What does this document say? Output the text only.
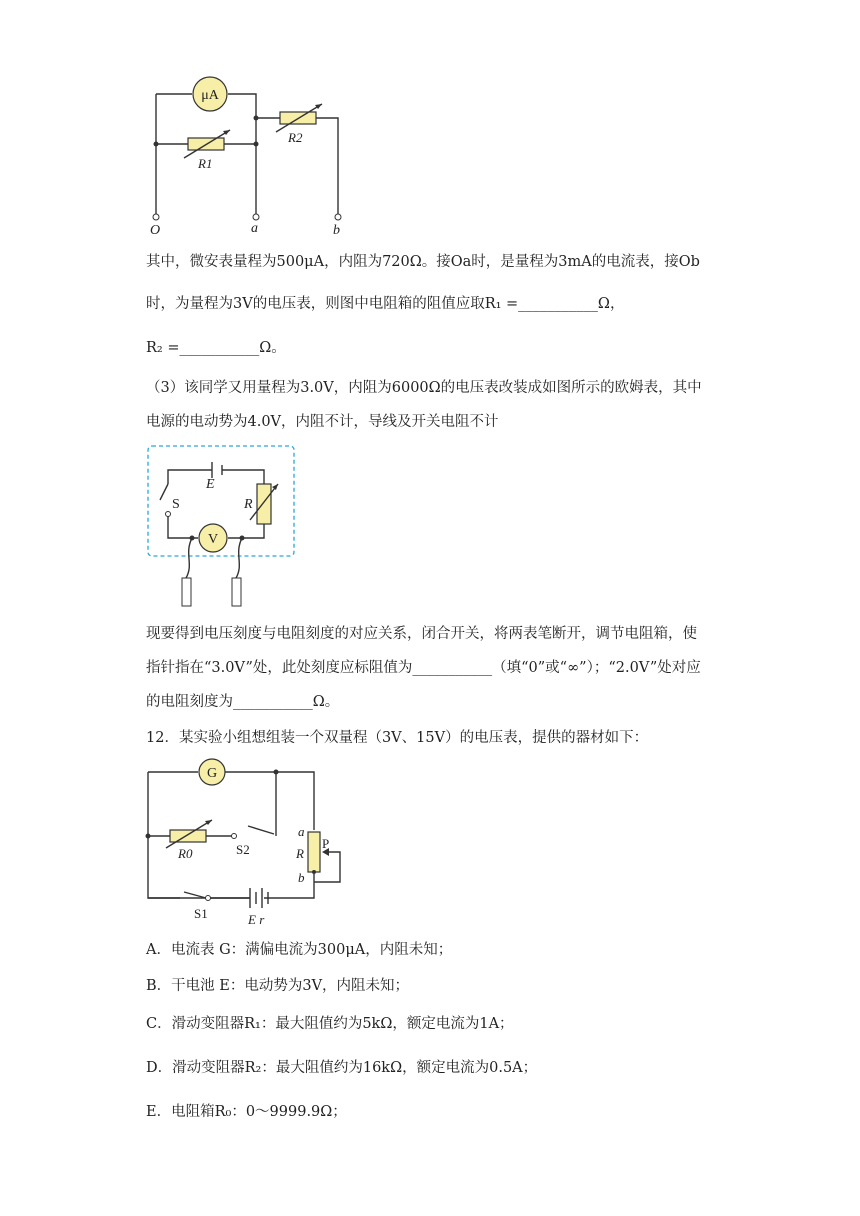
μA
R1
R2
O	a	b
其中，微安表量程为500μA，内阻为720Ω。接Oa时，是量程为3mA的电流表，接Ob
时，为量程为3V的电压表，则图中电阻箱的阻值应取R₁ =___________Ω，
R₂ =___________Ω。
（3）该同学又用量程为3.0V，内阻为6000Ω的电压表改装成如图所示的欧姆表，其中
电源的电动势为4.0V，内阻不计，导线及开关电阻不计
E
S	R
V
现要得到电压刻度与电阻刻度的对应关系，闭合开关，将两表笔断开，调节电阻箱，使
指针指在“3.0V”处，此处刻度应标阻值为___________（填“0”或“∞”）；“2.0V”处对应
的电阻刻度为___________Ω。
12．某实验小组想组装一个双量程（3V、15V）的电压表，提供的器材如下：
G
R0	S2
a
R
b
P
S1	E r
A．电流表 G：满偏电流为300μA，内阻未知；
B．干电池 E：电动势为3V，内阻未知；
C．滑动变阻器R₁：最大阻值约为5kΩ，额定电流为1A；
D．滑动变阻器R₂：最大阻值约为16kΩ，额定电流为0.5A；
E．电阻箱R₀：0～9999.9Ω；
